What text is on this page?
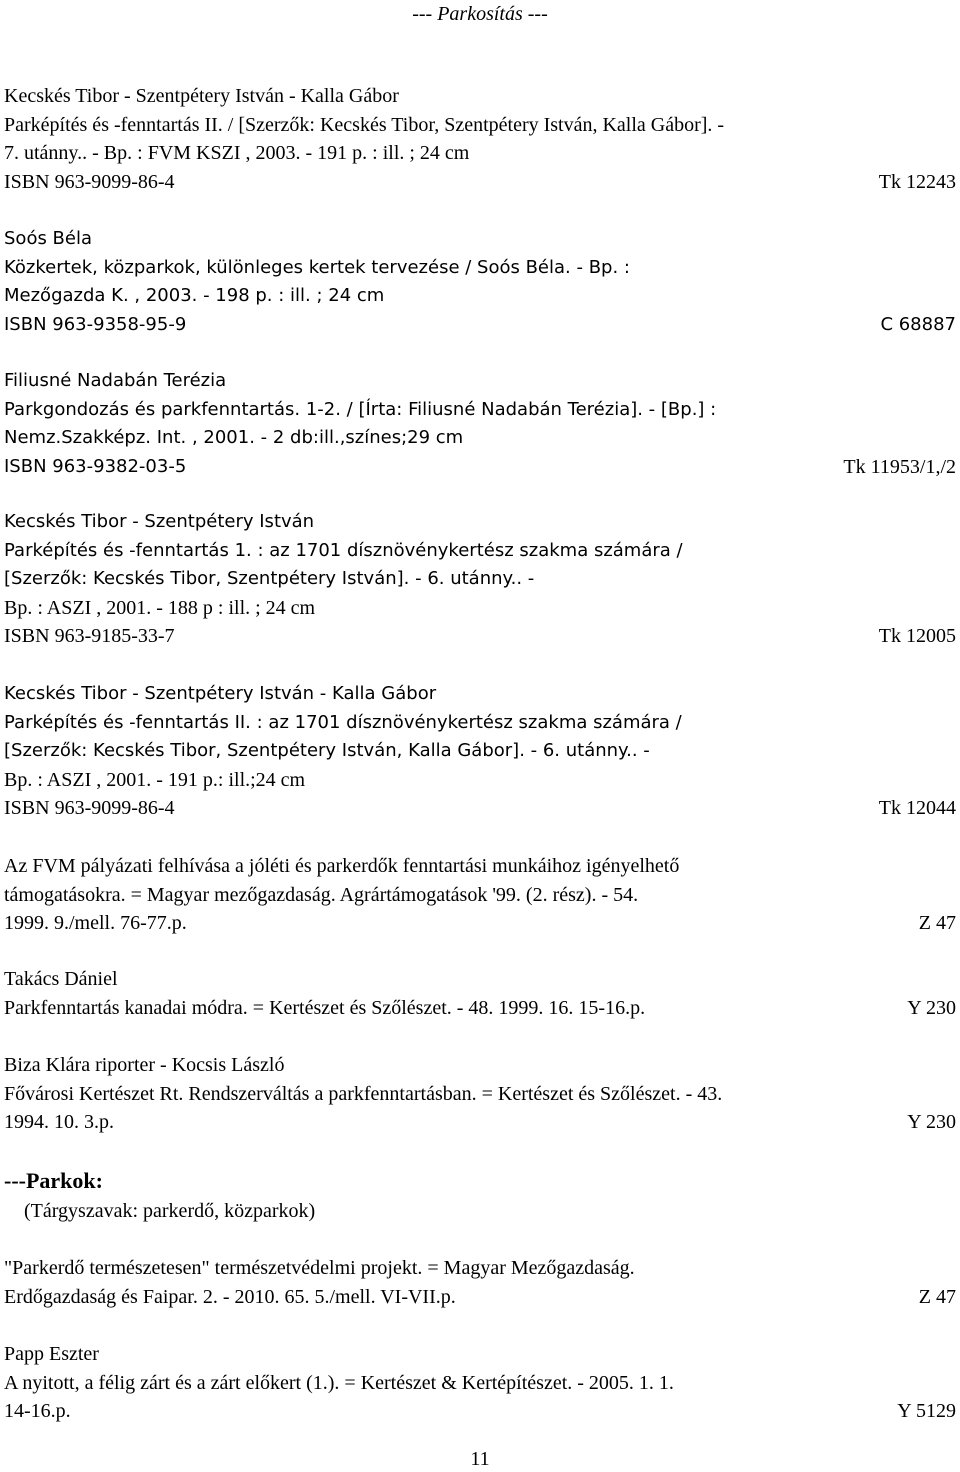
--- Parkosítás ---
Kecskés Tibor - Szentpétery István - Kalla Gábor
Parképítés és -fenntartás II. / [Szerzők: Kecskés Tibor, Szentpétery István, Kalla Gábor]. -
7. utánny.. - Bp. : FVM KSZI , 2003. - 191 p. : ill. ; 24 cm
ISBN 963-9099-86-4	Tk 12243
Soós Béla
Közkertek, közparkok, különleges kertek tervezése / Soós Béla. - Bp. :
Mezőgazda K. , 2003. - 198 p. : ill. ; 24 cm
ISBN 963-9358-95-9	C 68887
Filiusné Nadabán Terézia
Parkgondozás és parkfenntartás. 1-2. / [Írta: Filiusné Nadabán Terézia]. - [Bp.] :
Nemz.Szakképz. Int. , 2001. - 2 db:ill.,színes;29 cm
ISBN 963-9382-03-5	Tk 11953/1,/2
Kecskés Tibor - Szentpétery István
Parképítés és -fenntartás 1. : az 1701 dísznövénykertész szakma számára /
[Szerzők: Kecskés Tibor, Szentpétery István]. - 6. utánny.. -
Bp. : ASZI , 2001. - 188 p : ill. ; 24 cm
ISBN 963-9185-33-7	Tk 12005
Kecskés Tibor - Szentpétery István - Kalla Gábor
Parképítés és -fenntartás II. : az 1701 dísznövénykertész szakma számára /
[Szerzők: Kecskés Tibor, Szentpétery István, Kalla Gábor]. - 6. utánny.. -
Bp. : ASZI , 2001. - 191 p.: ill.;24 cm
ISBN 963-9099-86-4	Tk 12044
Az FVM pályázati felhívása a jóléti és parkerdők fenntartási munkáihoz igényelhető
támogatásokra. = Magyar mezőgazdaság. Agrártámogatások '99. (2. rész). - 54.
1999. 9./mell. 76-77.p.	Z 47
Takács Dániel
Parkfenntartás kanadai módra. = Kertészet és Szőlészet. - 48. 1999. 16. 15-16.p.	Y 230
Biza Klára riporter - Kocsis László
Fővárosi Kertészet Rt. Rendszerváltás a parkfenntartásban. = Kertészet és Szőlészet. - 43.
1994. 10. 3.p.	Y 230
---Parkok:
(Tárgyszavak: parkerdő, közparkok)
"Parkerdő természetesen" természetvédelmi projekt. = Magyar Mezőgazdaság.
Erdőgazdaság és Faipar. 2. - 2010. 65. 5./mell. VI-VII.p.	Z 47
Papp Eszter
A nyitott, a félig zárt és a zárt előkert (1.). = Kertészet & Kertépítészet. - 2005. 1. 1.
14-16.p.	Y 5129
11
